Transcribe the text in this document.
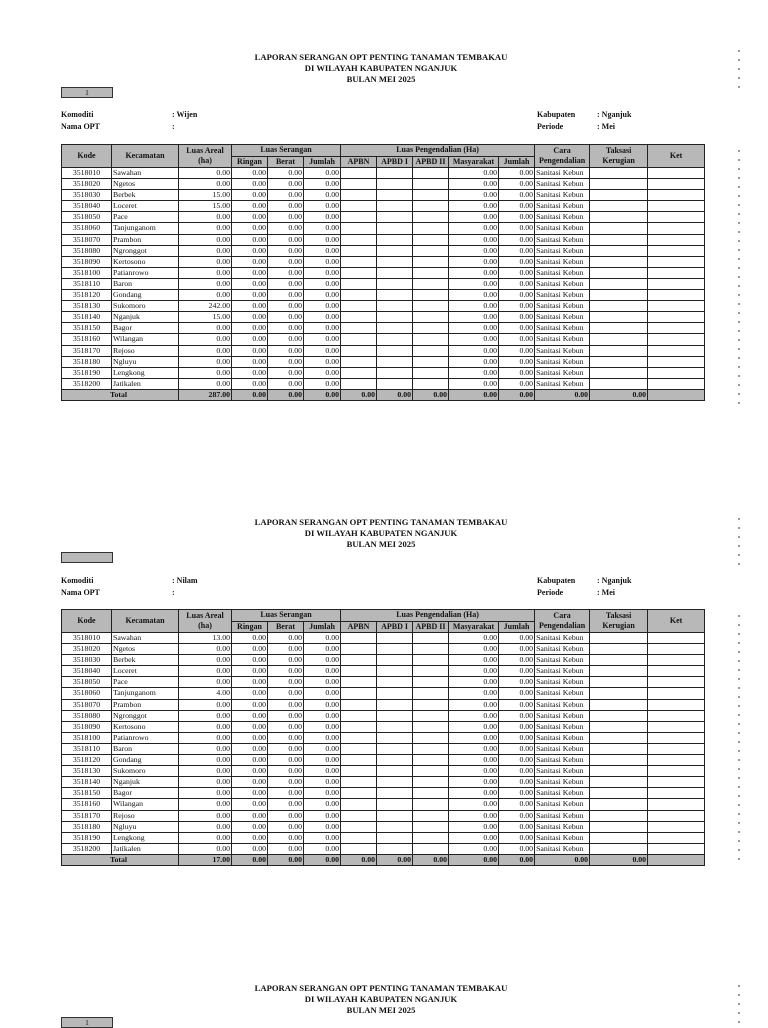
LAPORAN SERANGAN OPT PENTING TANAMAN TEMBAKAU
DI WILAYAH KABUPATEN NGANJUK
BULAN MEI 2025
1
Komoditi	: Wijen
Nama OPT	:
Kabupaten	: Nganjuk
Periode	: Mei
Kode	Kecamatan	Luas Areal (ha)	Luas Serangan			Luas Pengendalian (Ha)					Cara Pengendalian	Taksasi Kerugian	Ket
			Ringan	Berat	Jumlah	APBN	APBD I	APBD II	Masyarakat	Jumlah			
3518010	Sawahan	0.00	0.00	0.00	0.00				0.00	0.00	Sanitasi Kebun		
3518020	Ngetos	0.00	0.00	0.00	0.00				0.00	0.00	Sanitasi Kebun		
3518030	Berbek	15.00	0.00	0.00	0.00				0.00	0.00	Sanitasi Kebun		
3518040	Loceret	15.00	0.00	0.00	0.00				0.00	0.00	Sanitasi Kebun		
3518050	Pace	0.00	0.00	0.00	0.00				0.00	0.00	Sanitasi Kebun		
3518060	Tanjunganom	0.00	0.00	0.00	0.00				0.00	0.00	Sanitasi Kebun		
3518070	Prambon	0.00	0.00	0.00	0.00				0.00	0.00	Sanitasi Kebun		
3518080	Ngronggot	0.00	0.00	0.00	0.00				0.00	0.00	Sanitasi Kebun		
3518090	Kertosono	0.00	0.00	0.00	0.00				0.00	0.00	Sanitasi Kebun		
3518100	Patianrowo	0.00	0.00	0.00	0.00				0.00	0.00	Sanitasi Kebun		
3518110	Baron	0.00	0.00	0.00	0.00				0.00	0.00	Sanitasi Kebun		
3518120	Gondang	0.00	0.00	0.00	0.00				0.00	0.00	Sanitasi Kebun		
3518130	Sukomoro	242.00	0.00	0.00	0.00				0.00	0.00	Sanitasi Kebun		
3518140	Nganjuk	15.00	0.00	0.00	0.00				0.00	0.00	Sanitasi Kebun		
3518150	Bagor	0.00	0.00	0.00	0.00				0.00	0.00	Sanitasi Kebun		
3518160	Wilangan	0.00	0.00	0.00	0.00				0.00	0.00	Sanitasi Kebun		
3518170	Rejoso	0.00	0.00	0.00	0.00				0.00	0.00	Sanitasi Kebun		
3518180	Ngluyu	0.00	0.00	0.00	0.00				0.00	0.00	Sanitasi Kebun		
3518190	Lengkong	0.00	0.00	0.00	0.00				0.00	0.00	Sanitasi Kebun		
3518200	Jatikalen	0.00	0.00	0.00	0.00				0.00	0.00	Sanitasi Kebun		
Total		287.00	0.00	0.00	0.00	0.00	0.00	0.00	0.00	0.00	0.00	0.00	
LAPORAN SERANGAN OPT PENTING TANAMAN TEMBAKAU
DI WILAYAH KABUPATEN NGANJUK
BULAN MEI 2025
Komoditi	: Nilam
Nama OPT	:
Kabupaten	: Nganjuk
Periode	: Mei
Kode	Kecamatan	Luas Areal (ha)	Luas Serangan			Luas Pengendalian (Ha)					Cara Pengendalian	Taksasi Kerugian	Ket
			Ringan	Berat	Jumlah	APBN	APBD I	APBD II	Masyarakat	Jumlah			
3518010	Sawahan	13.00	0.00	0.00	0.00				0.00	0.00	Sanitasi Kebun		
3518020	Ngetos	0.00	0.00	0.00	0.00				0.00	0.00	Sanitasi Kebun		
3518030	Berbek	0.00	0.00	0.00	0.00				0.00	0.00	Sanitasi Kebun		
3518040	Loceret	0.00	0.00	0.00	0.00				0.00	0.00	Sanitasi Kebun		
3518050	Pace	0.00	0.00	0.00	0.00				0.00	0.00	Sanitasi Kebun		
3518060	Tanjunganom	4.00	0.00	0.00	0.00				0.00	0.00	Sanitasi Kebun		
3518070	Prambon	0.00	0.00	0.00	0.00				0.00	0.00	Sanitasi Kebun		
3518080	Ngronggot	0.00	0.00	0.00	0.00				0.00	0.00	Sanitasi Kebun		
3518090	Kertosono	0.00	0.00	0.00	0.00				0.00	0.00	Sanitasi Kebun		
3518100	Patianrowo	0.00	0.00	0.00	0.00				0.00	0.00	Sanitasi Kebun		
3518110	Baron	0.00	0.00	0.00	0.00				0.00	0.00	Sanitasi Kebun		
3518120	Gondang	0.00	0.00	0.00	0.00				0.00	0.00	Sanitasi Kebun		
3518130	Sukomoro	0.00	0.00	0.00	0.00				0.00	0.00	Sanitasi Kebun		
3518140	Nganjuk	0.00	0.00	0.00	0.00				0.00	0.00	Sanitasi Kebun		
3518150	Bagor	0.00	0.00	0.00	0.00				0.00	0.00	Sanitasi Kebun		
3518160	Wilangan	0.00	0.00	0.00	0.00				0.00	0.00	Sanitasi Kebun		
3518170	Rejoso	0.00	0.00	0.00	0.00				0.00	0.00	Sanitasi Kebun		
3518180	Ngluyu	0.00	0.00	0.00	0.00				0.00	0.00	Sanitasi Kebun		
3518190	Lengkong	0.00	0.00	0.00	0.00				0.00	0.00	Sanitasi Kebun		
3518200	Jatikalen	0.00	0.00	0.00	0.00				0.00	0.00	Sanitasi Kebun		
Total		17.00	0.00	0.00	0.00	0.00	0.00	0.00	0.00	0.00	0.00	0.00	
LAPORAN SERANGAN OPT PENTING TANAMAN TEMBAKAU
DI WILAYAH KABUPATEN NGANJUK
BULAN MEI 2025
1
